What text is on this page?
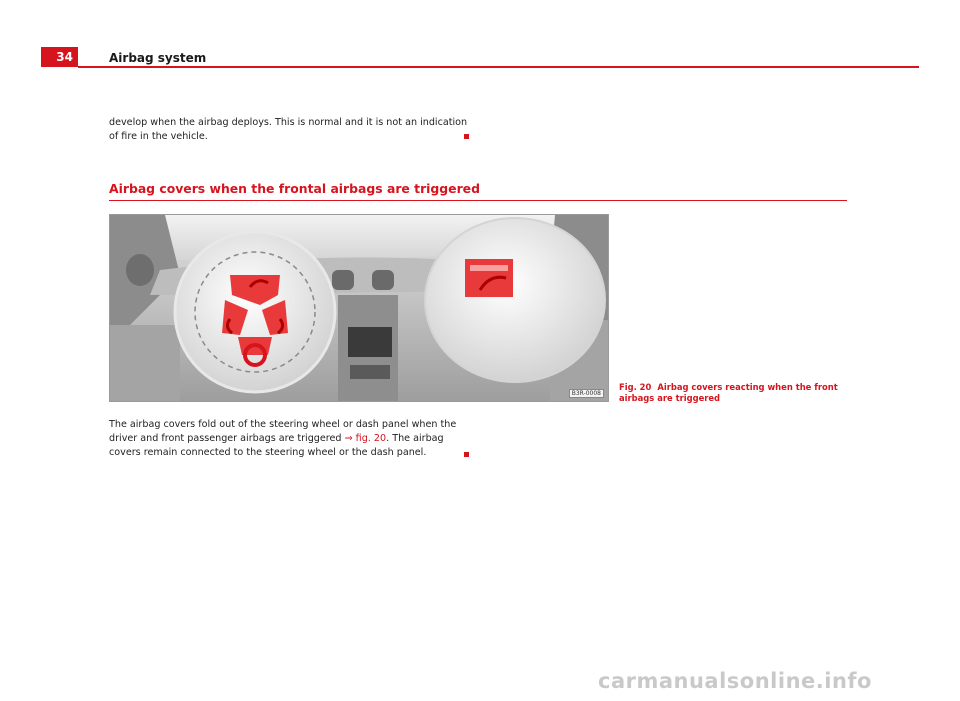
34	Airbag system
develop when the airbag deploys. This is normal and it is not an indication of fire in the vehicle.
Airbag covers when the frontal airbags are triggered
B3R-0008
Fig. 20 Airbag covers reacting when the front airbags are triggered
The airbag covers fold out of the steering wheel or dash panel when the driver and front passenger airbags are triggered ⇒ fig. 20. The airbag covers remain connected to the steering wheel or the dash panel.
carmanualsonline.info
